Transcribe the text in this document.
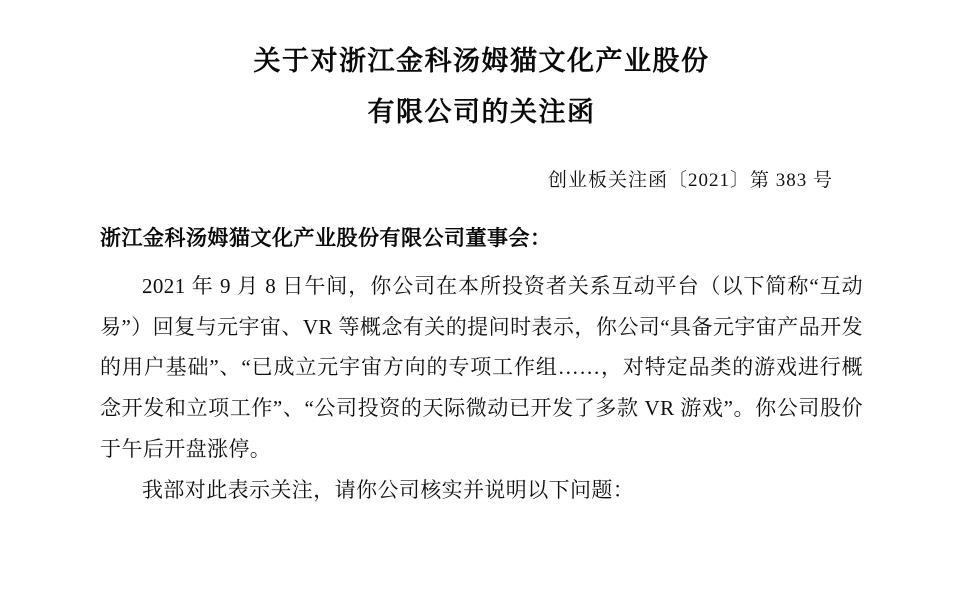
关于对浙江金科汤姆猫文化产业股份
有限公司的关注函
创业板关注函〔2021〕第 383 号
浙江金科汤姆猫文化产业股份有限公司董事会：

2021 年 9 月 8 日午间，你公司在本所投资者关系互动平台（以下简称“互动易”）回复与元宇宙、VR 等概念有关的提问时表示，你公司“具备元宇宙产品开发的用户基础”、“已成立元宇宙方向的专项工作组……，对特定品类的游戏进行概念开发和立项工作”、“公司投资的天际微动已开发了多款 VR 游戏”。你公司股价于午后开盘涨停。

我部对此表示关注，请你公司核实并说明以下问题：
